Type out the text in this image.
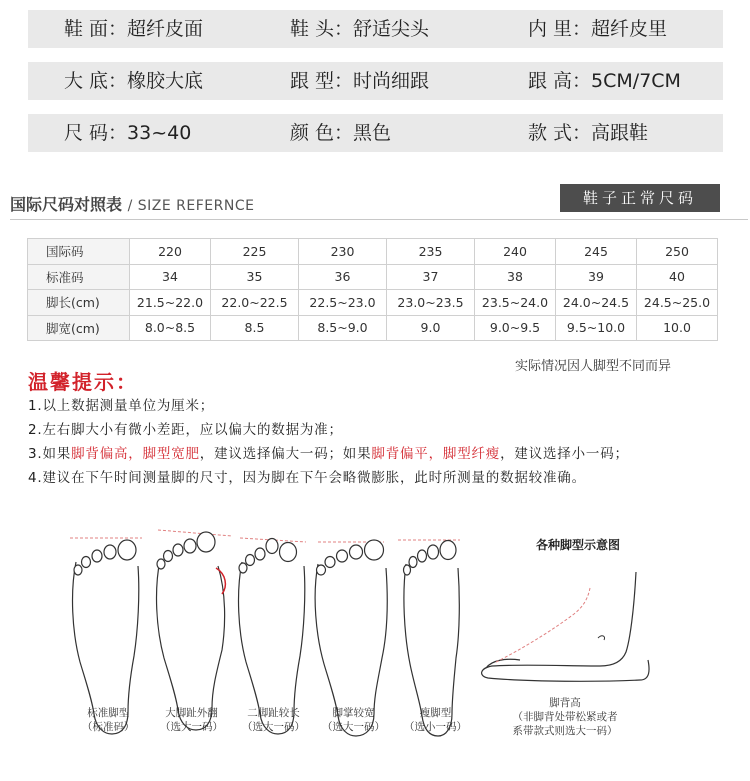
鞋 面：超纤皮面	鞋 头：舒适尖头	内 里：超纤皮里
大 底：橡胶大底	跟 型：时尚细跟	跟 高：5CM/7CM
尺 码：33~40	颜 色：黑色	款 式：高跟鞋
国际尺码对照表 / SIZE REFERNCE	鞋子正常尺码
国际码	220	225	230	235	240	245	250
标准码	34	35	36	37	38	39	40
脚长(cm)	21.5~22.0	22.0~22.5	22.5~23.0	23.0~23.5	23.5~24.0	24.0~24.5	24.5~25.0
脚宽(cm)	8.0~8.5	8.5	8.5~9.0	9.0	9.0~9.5	9.5~10.0	10.0
实际情况因人脚型不同而异
温馨提示：
1.以上数据测量单位为厘米；
2.左右脚大小有微小差距，应以偏大的数据为准；
3.如果脚背偏高，脚型宽肥，建议选择偏大一码；如果脚背偏平，脚型纤瘦，建议选择小一码；
4.建议在下午时间测量脚的尺寸，因为脚在下午会略微膨胀，此时所测量的数据较准确。
各种脚型示意图
标准脚型
（标准码）
大脚趾外翻
（选大一码）
二脚趾较长
（选大一码）
脚掌较宽
（选大一码）
瘦脚型
（选小一码）
脚背高
（非脚背处带松紧或者
系带款式则选大一码）
